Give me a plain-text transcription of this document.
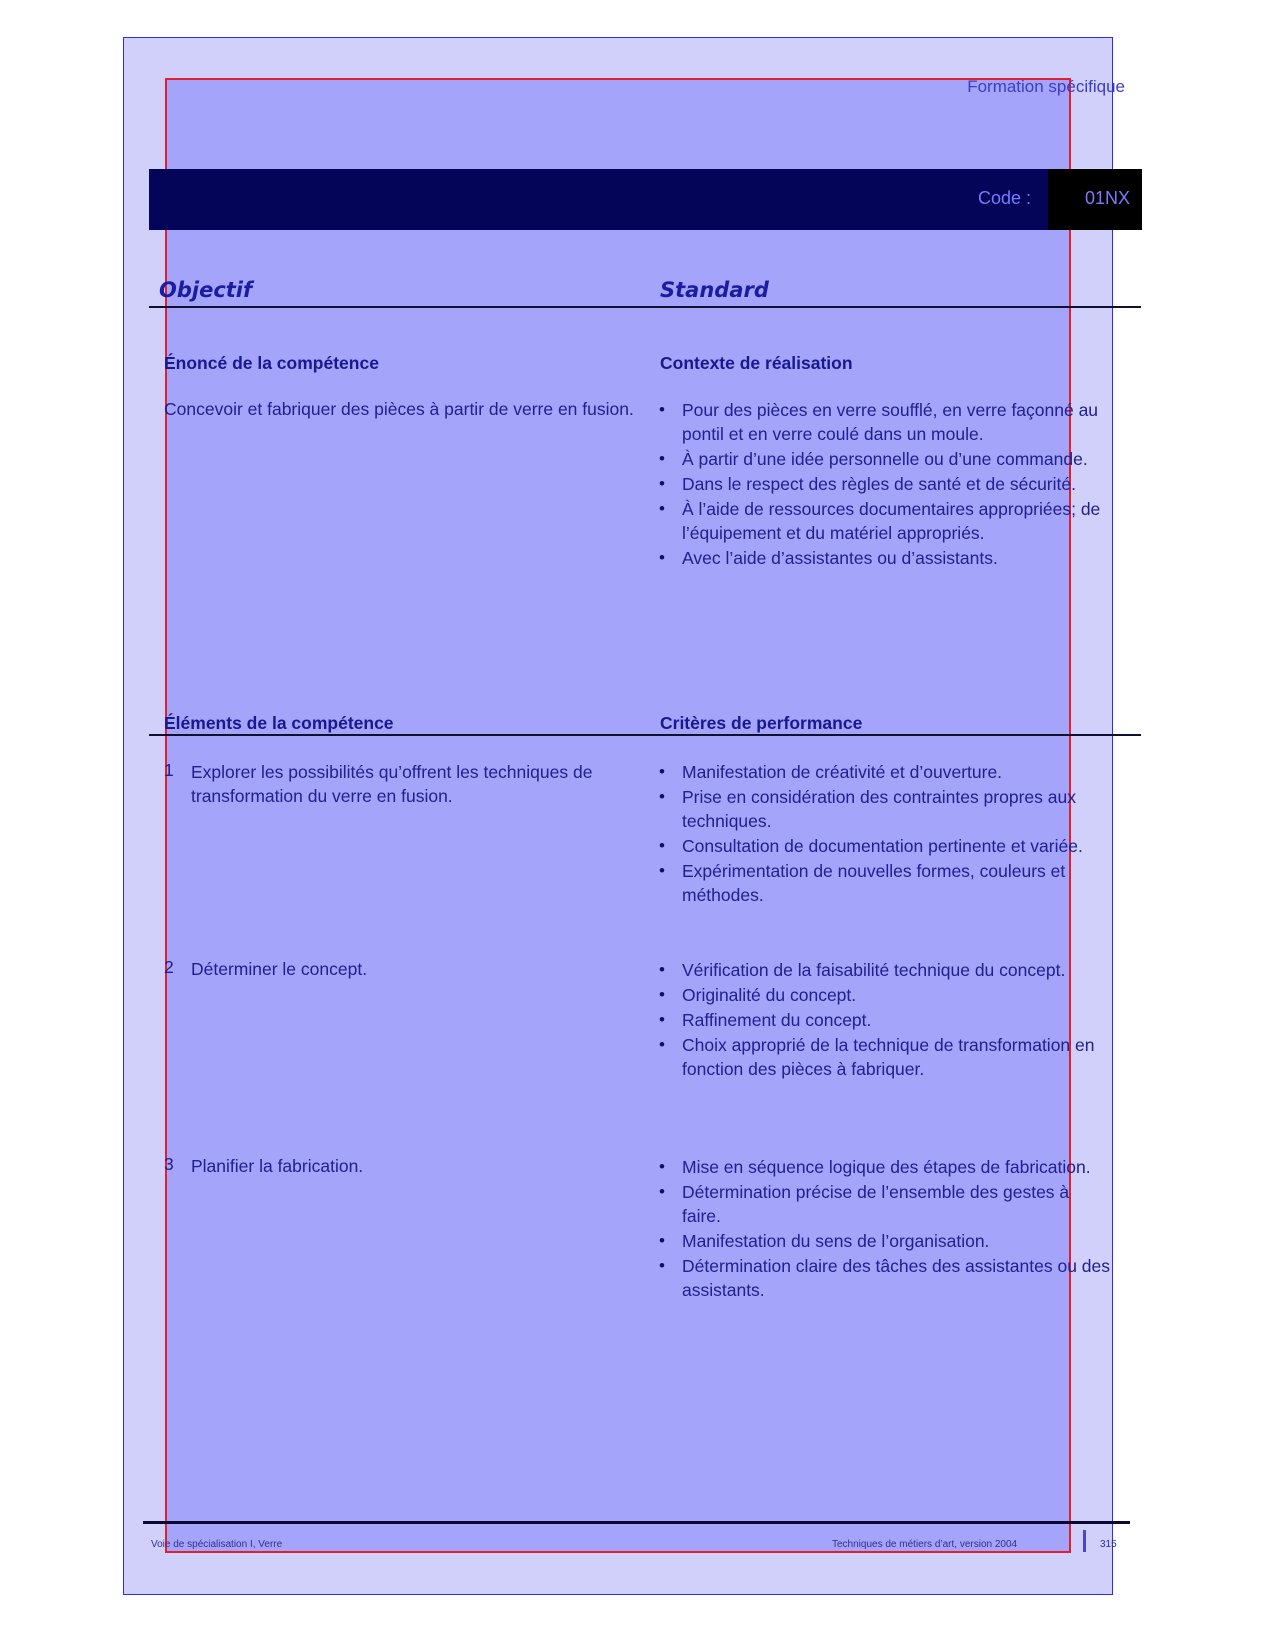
Formation spécifique
Code :	01NX
Objectif	Standard
Énoncé de la compétence	Contexte de réalisation
Concevoir et fabriquer des pièces à partir de verre en fusion.	• Pour des pièces en verre soufflé, en verre façonné au pontil et en verre coulé dans un moule.
• À partir d’une idée personnelle ou d’une commande.
• Dans le respect des règles de santé et de sécurité.
• À l’aide de ressources documentaires appropriées; de l’équipement et du matériel appropriés.
• Avec l’aide d’assistantes ou d’assistants.
Éléments de la compétence	Critères de performance
1 Explorer les possibilités qu’offrent les techniques de transformation du verre en fusion.
• Manifestation de créativité et d’ouverture.
• Prise en considération des contraintes propres aux techniques.
• Consultation de documentation pertinente et variée.
• Expérimentation de nouvelles formes, couleurs et méthodes.
2 Déterminer le concept.	• Vérification de la faisabilité technique du concept.
• Originalité du concept.
• Raffinement du concept.
• Choix approprié de la technique de transformation en fonction des pièces à fabriquer.
3 Planifier la fabrication.	• Mise en séquence logique des étapes de fabrication.
• Détermination précise de l’ensemble des gestes à faire.
• Manifestation du sens de l’organisation.
• Détermination claire des tâches des assistantes ou des assistants.
Voie de spécialisation I, Verre	Techniques de métiers d’art, version 2004	315
